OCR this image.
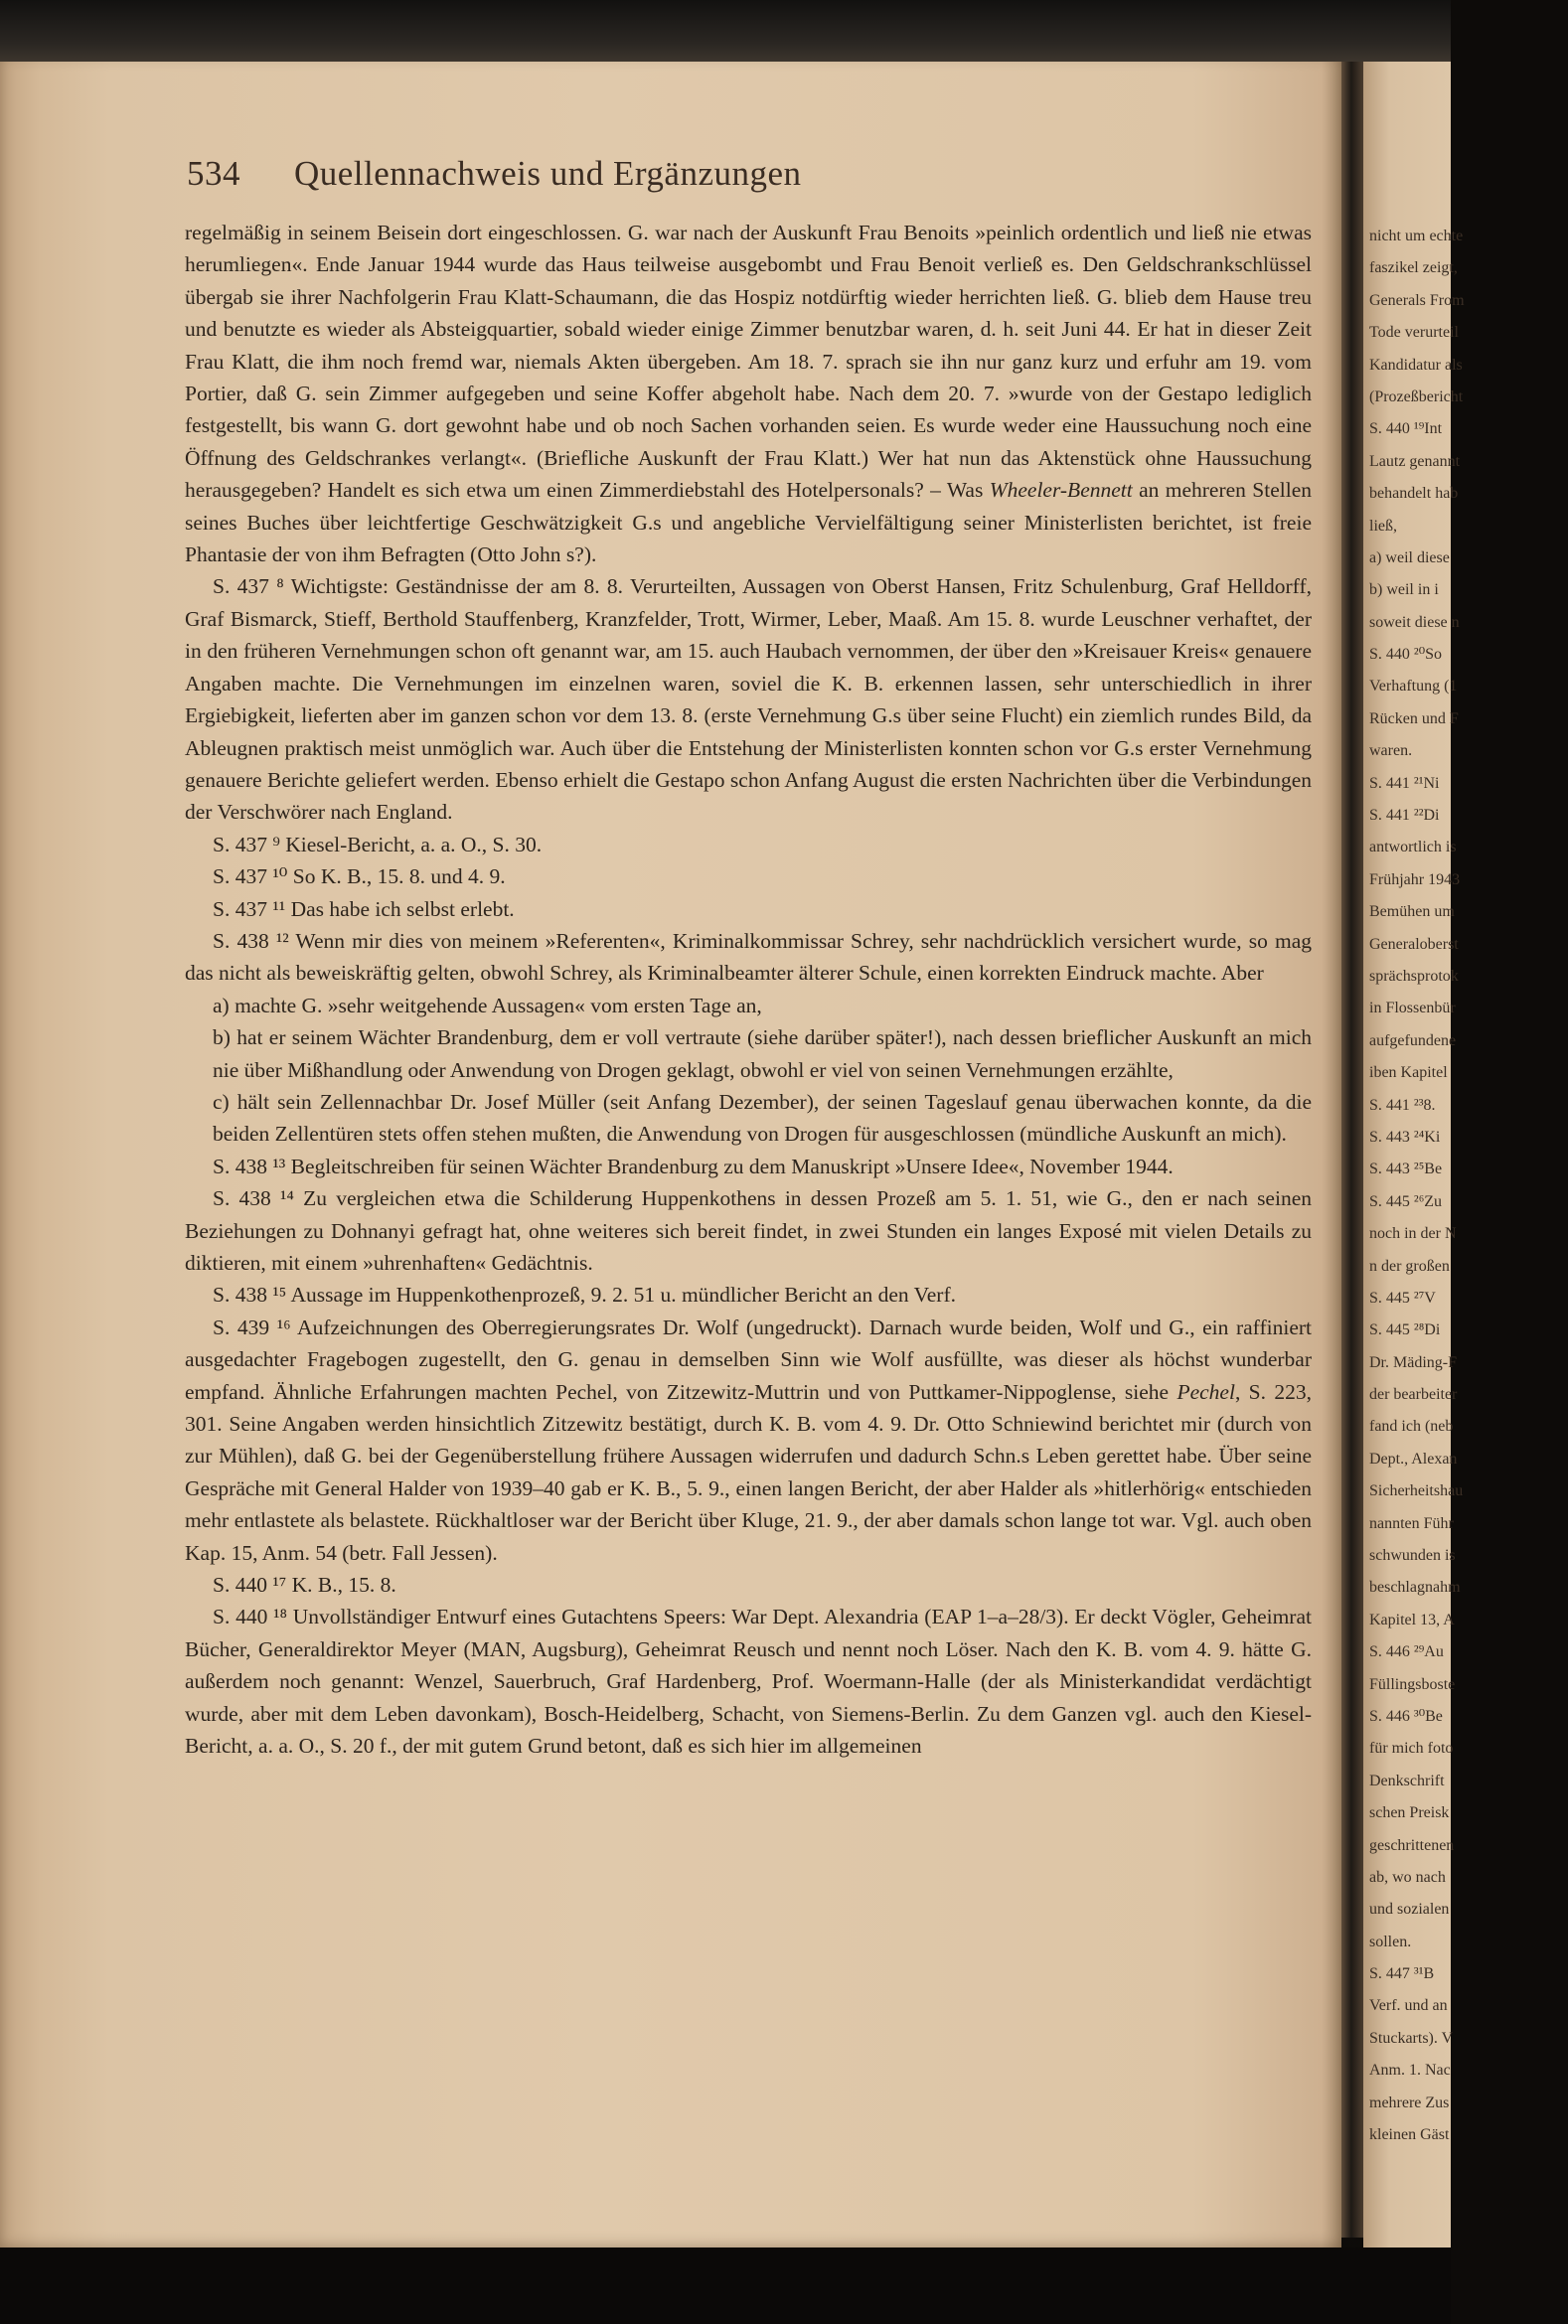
nicht um echte
faszikel zeigt,
Generals From
Tode verurteil
Kandidatur als
(Prozeßbericht
S. 440 ¹⁹Int
Lautz genannt
behandelt hab
ließ,
a) weil diese
b) weil in i
soweit diese n
S. 440 ²⁰So
Verhaftung (1
Rücken und F
waren.
S. 441 ²¹Ni
S. 441 ²²Di
antwortlich is
Frühjahr 1943
Bemühen um
Generaloberst
sprächsprotok
in Flossenbür
aufgefundene
iben Kapitel
S. 441 ²³8.
S. 443 ²⁴Ki
S. 443 ²⁵Be
S. 445 ²⁶Zu
noch in der N
n der großen
S. 445 ²⁷V
S. 445 ²⁸Di
Dr. Mäding-F
der bearbeiter
fand ich (neb
Dept., Alexan
Sicherheitshau
nannten Führ
schwunden is
beschlagnahm
Kapitel 13, A
S. 446 ²⁹Au
Füllingsboste
S. 446 ³⁰Be
für mich foto
Denkschrift
schen Preisk
geschrittenen
ab, wo nach
und sozialen
sollen.
S. 447 ³¹B
Verf. und an
Stuckarts). V
Anm. 1. Nac
mehrere Zus
kleinen Gäst
534 Quellennachweis und Ergänzungen

regelmäßig in seinem Beisein dort eingeschlossen. G. war nach der Auskunft Frau Benoits »peinlich ordentlich und ließ nie etwas herumliegen«. Ende Januar 1944 wurde das Haus teilweise ausgebombt und Frau Benoit verließ es. Den Geldschrankschlüssel übergab sie ihrer Nachfolgerin Frau Klatt-Schaumann, die das Hospiz notdürftig wieder herrichten ließ. G. blieb dem Hause treu und benutzte es wieder als Absteigquartier, sobald wieder einige Zimmer benutzbar waren, d. h. seit Juni 44. Er hat in dieser Zeit Frau Klatt, die ihm noch fremd war, niemals Akten übergeben. Am 18. 7. sprach sie ihn nur ganz kurz und erfuhr am 19. vom Portier, daß G. sein Zimmer aufgegeben und seine Koffer abgeholt habe. Nach dem 20. 7. »wurde von der Gestapo lediglich festgestellt, bis wann G. dort gewohnt habe und ob noch Sachen vorhanden seien. Es wurde weder eine Haussuchung noch eine Öffnung des Geldschrankes verlangt«. (Briefliche Auskunft der Frau Klatt.) Wer hat nun das Aktenstück ohne Haussuchung herausgegeben? Handelt es sich etwa um einen Zimmerdiebstahl des Hotelpersonals? – Was Wheeler-Bennett an mehreren Stellen seines Buches über leichtfertige Geschwätzigkeit G.s und angebliche Vervielfältigung seiner Ministerlisten berichtet, ist freie Phantasie der von ihm Befragten (Otto John s?).

S. 437 ⁸ Wichtigste: Geständnisse der am 8. 8. Verurteilten, Aussagen von Oberst Hansen, Fritz Schulenburg, Graf Helldorff, Graf Bismarck, Stieff, Berthold Stauffenberg, Kranzfelder, Trott, Wirmer, Leber, Maaß. Am 15. 8. wurde Leuschner verhaftet, der in den früheren Vernehmungen schon oft genannt war, am 15. auch Haubach vernommen, der über den »Kreisauer Kreis« genauere Angaben machte. Die Vernehmungen im einzelnen waren, soviel die K. B. erkennen lassen, sehr unterschiedlich in ihrer Ergiebigkeit, lieferten aber im ganzen schon vor dem 13. 8. (erste Vernehmung G.s über seine Flucht) ein ziemlich rundes Bild, da Ableugnen praktisch meist unmöglich war. Auch über die Entstehung der Ministerlisten konnten schon vor G.s erster Vernehmung genauere Berichte geliefert werden. Ebenso erhielt die Gestapo schon Anfang August die ersten Nachrichten über die Verbindungen der Verschwörer nach England.

S. 437 ⁹ Kiesel-Bericht, a. a. O., S. 30.

S. 437 ¹⁰ So K. B., 15. 8. und 4. 9.

S. 437 ¹¹ Das habe ich selbst erlebt.

S. 438 ¹² Wenn mir dies von meinem »Referenten«, Kriminalkommissar Schrey, sehr nachdrücklich versichert wurde, so mag das nicht als beweiskräftig gelten, obwohl Schrey, als Kriminalbeamter älterer Schule, einen korrekten Eindruck machte. Aber

a) machte G. »sehr weitgehende Aussagen« vom ersten Tage an,

b) hat er seinem Wächter Brandenburg, dem er voll vertraute (siehe darüber später!), nach dessen brieflicher Auskunft an mich nie über Mißhandlung oder Anwendung von Drogen geklagt, obwohl er viel von seinen Vernehmungen erzählte,

c) hält sein Zellennachbar Dr. Josef Müller (seit Anfang Dezember), der seinen Tageslauf genau überwachen konnte, da die beiden Zellentüren stets offen stehen mußten, die Anwendung von Drogen für ausgeschlossen (mündliche Auskunft an mich).

S. 438 ¹³ Begleitschreiben für seinen Wächter Brandenburg zu dem Manuskript »Unsere Idee«, November 1944.

S. 438 ¹⁴ Zu vergleichen etwa die Schilderung Huppenkothens in dessen Prozeß am 5. 1. 51, wie G., den er nach seinen Beziehungen zu Dohnanyi gefragt hat, ohne weiteres sich bereit findet, in zwei Stunden ein langes Exposé mit vielen Details zu diktieren, mit einem »uhrenhaften« Gedächtnis.

S. 438 ¹⁵ Aussage im Huppenkothenprozeß, 9. 2. 51 u. mündlicher Bericht an den Verf.

S. 439 ¹⁶ Aufzeichnungen des Oberregierungsrates Dr. Wolf (ungedruckt). Darnach wurde beiden, Wolf und G., ein raffiniert ausgedachter Fragebogen zugestellt, den G. genau in demselben Sinn wie Wolf ausfüllte, was dieser als höchst wunderbar empfand. Ähnliche Erfahrungen machten Pechel, von Zitzewitz-Muttrin und von Puttkamer-Nippoglense, siehe Pechel, S. 223, 301. Seine Angaben werden hinsichtlich Zitzewitz bestätigt, durch K. B. vom 4. 9. Dr. Otto Schniewind berichtet mir (durch von zur Mühlen), daß G. bei der Gegenüberstellung frühere Aussagen widerrufen und dadurch Schn.s Leben gerettet habe. Über seine Gespräche mit General Halder von 1939–40 gab er K. B., 5. 9., einen langen Bericht, der aber Halder als »hitlerhörig« entschieden mehr entlastete als belastete. Rückhaltloser war der Bericht über Kluge, 21. 9., der aber damals schon lange tot war. Vgl. auch oben Kap. 15, Anm. 54 (betr. Fall Jessen).

S. 440 ¹⁷ K. B., 15. 8.

S. 440 ¹⁸ Unvollständiger Entwurf eines Gutachtens Speers: War Dept. Alexandria (EAP 1–a–28/3). Er deckt Vögler, Geheimrat Bücher, Generaldirektor Meyer (MAN, Augsburg), Geheimrat Reusch und nennt noch Löser. Nach den K. B. vom 4. 9. hätte G. außerdem noch genannt: Wenzel, Sauerbruch, Graf Hardenberg, Prof. Woermann-Halle (der als Ministerkandidat verdächtigt wurde, aber mit dem Leben davonkam), Bosch-Heidelberg, Schacht, von Siemens-Berlin. Zu dem Ganzen vgl. auch den Kiesel-Bericht, a. a. O., S. 20 f., der mit gutem Grund betont, daß es sich hier im allgemeinen
